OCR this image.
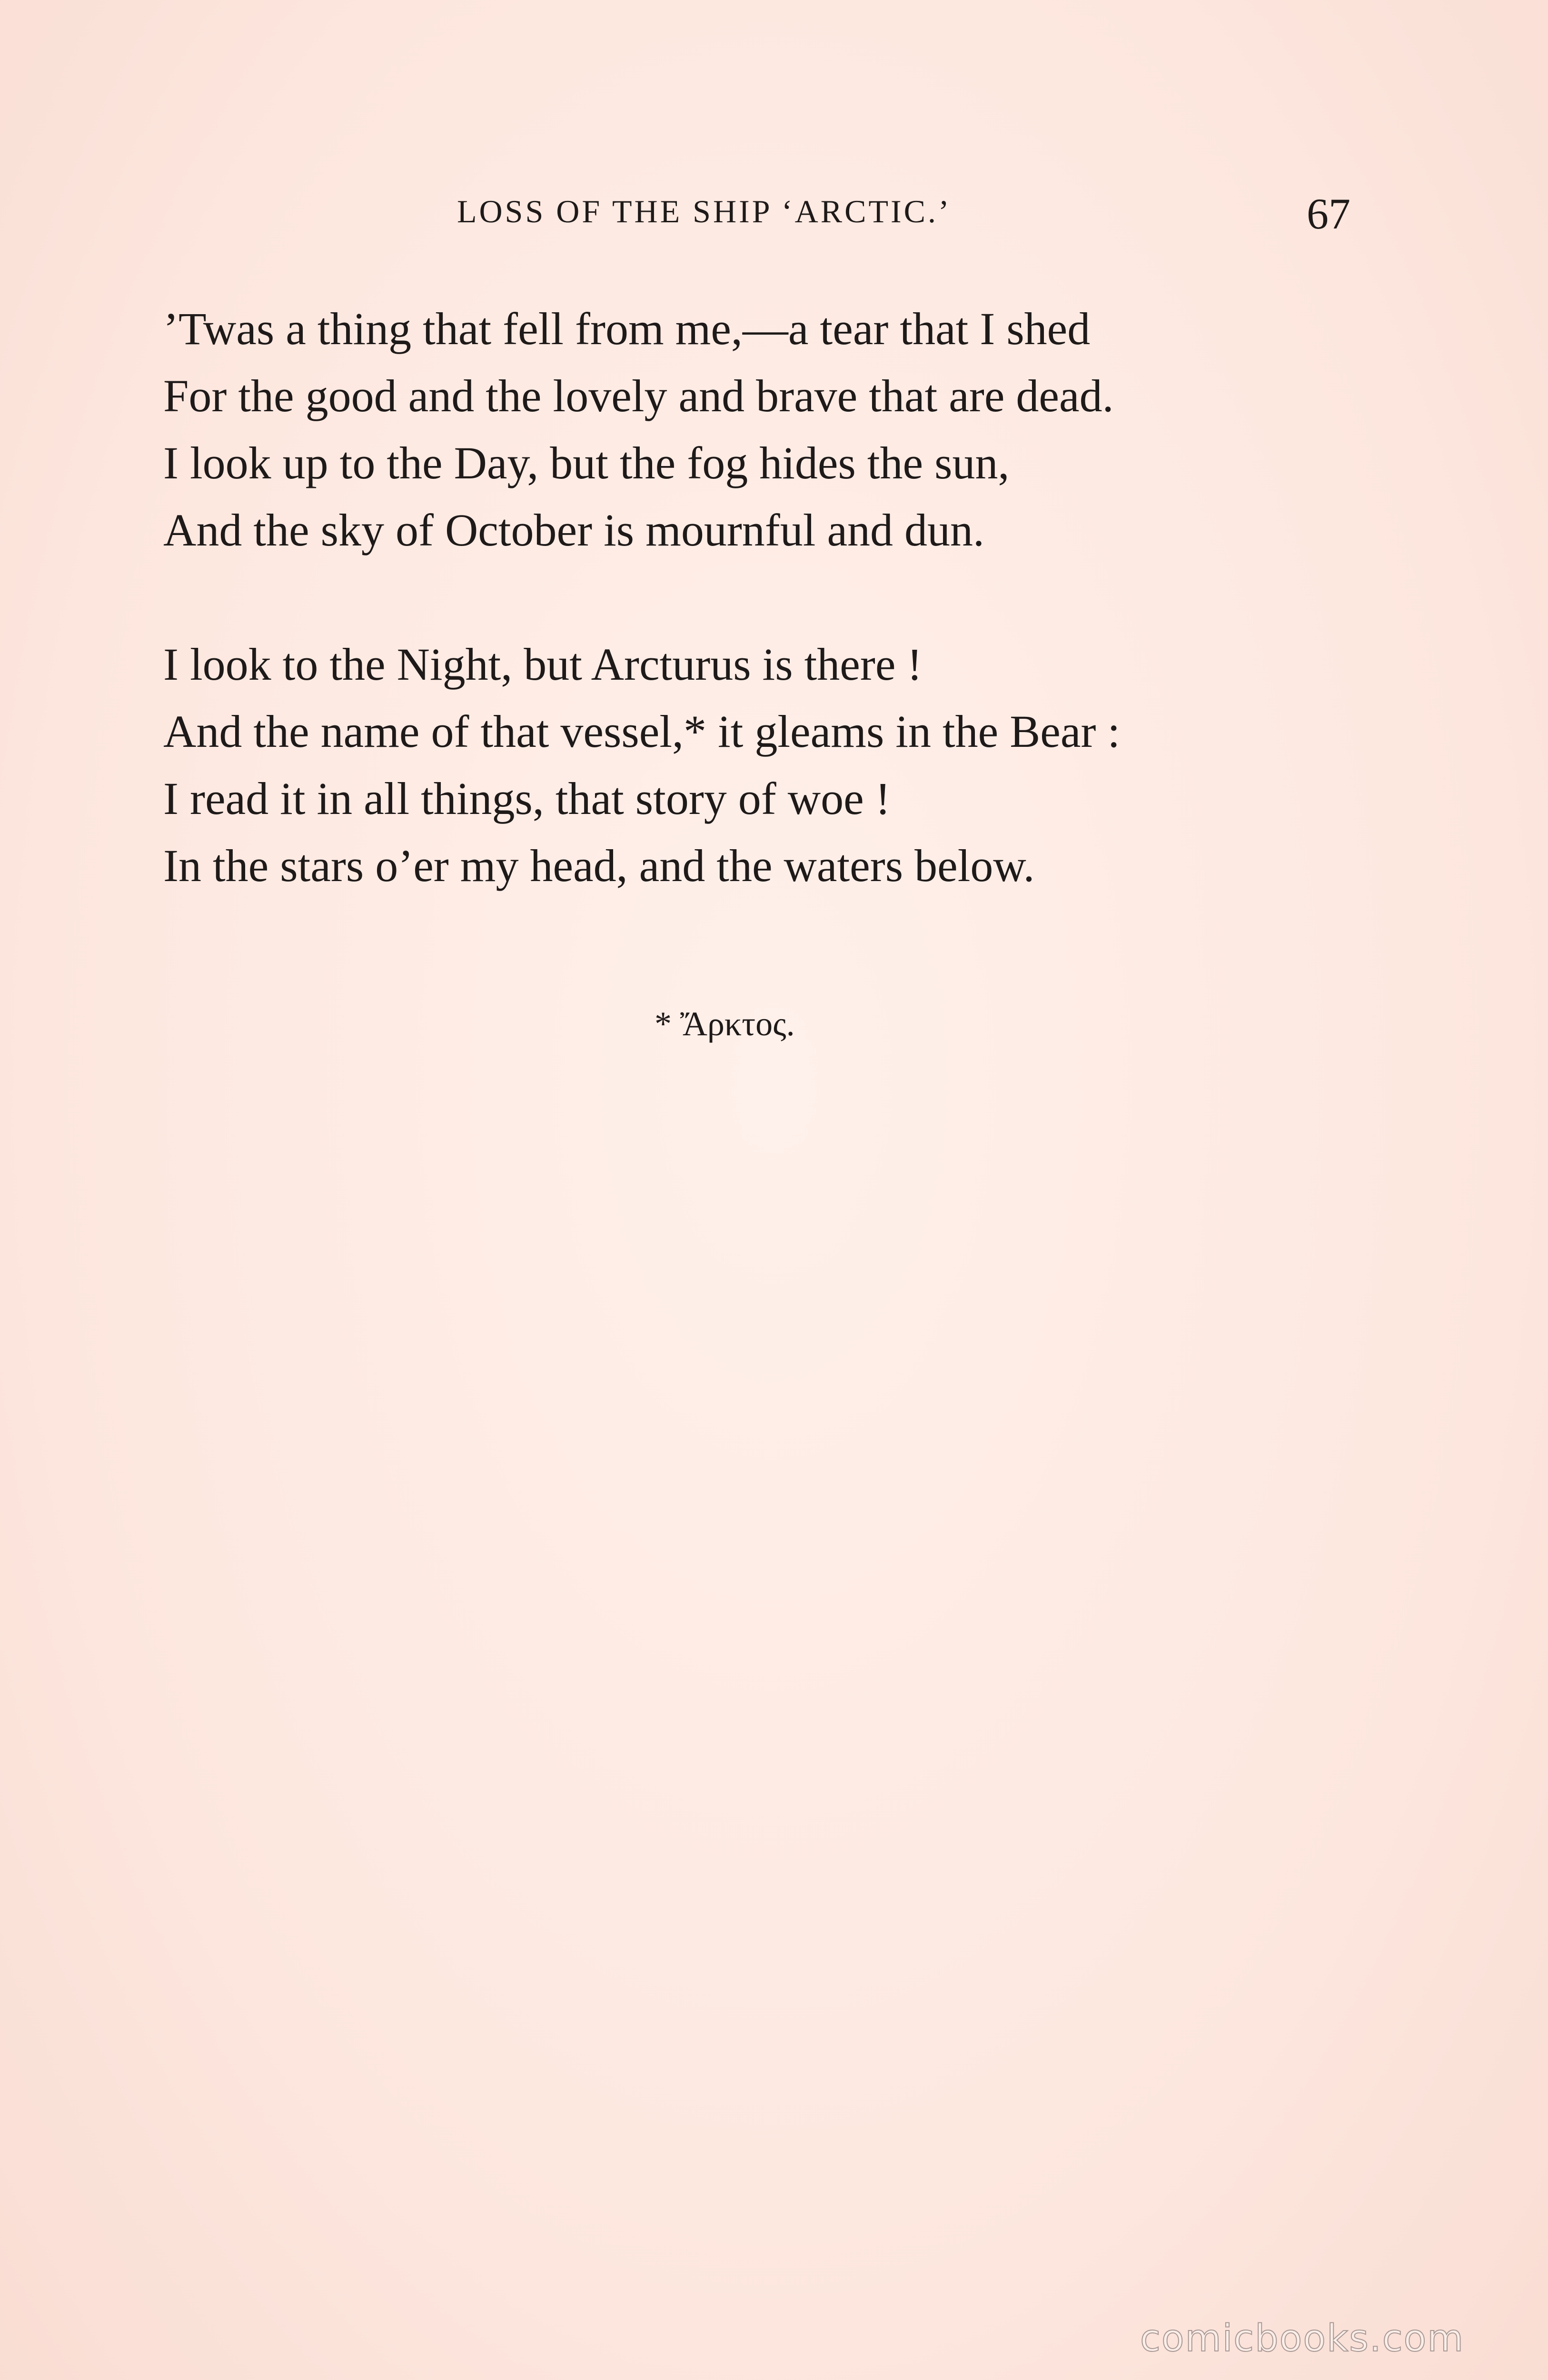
LOSS OF THE SHIP ‘ARCTIC.’	67
’Twas a thing that fell from me,—a tear that I shed
For the good and the lovely and brave that are dead.
I look up to the Day, but the fog hides the sun,
And the sky of October is mournful and dun.
I look to the Night, but Arcturus is there !
And the name of that vessel,* it gleams in the Bear :
I read it in all things, that story of woe !
In the stars o’er my head, and the waters below.
* Ἄρκτος.
comicbooks.com
